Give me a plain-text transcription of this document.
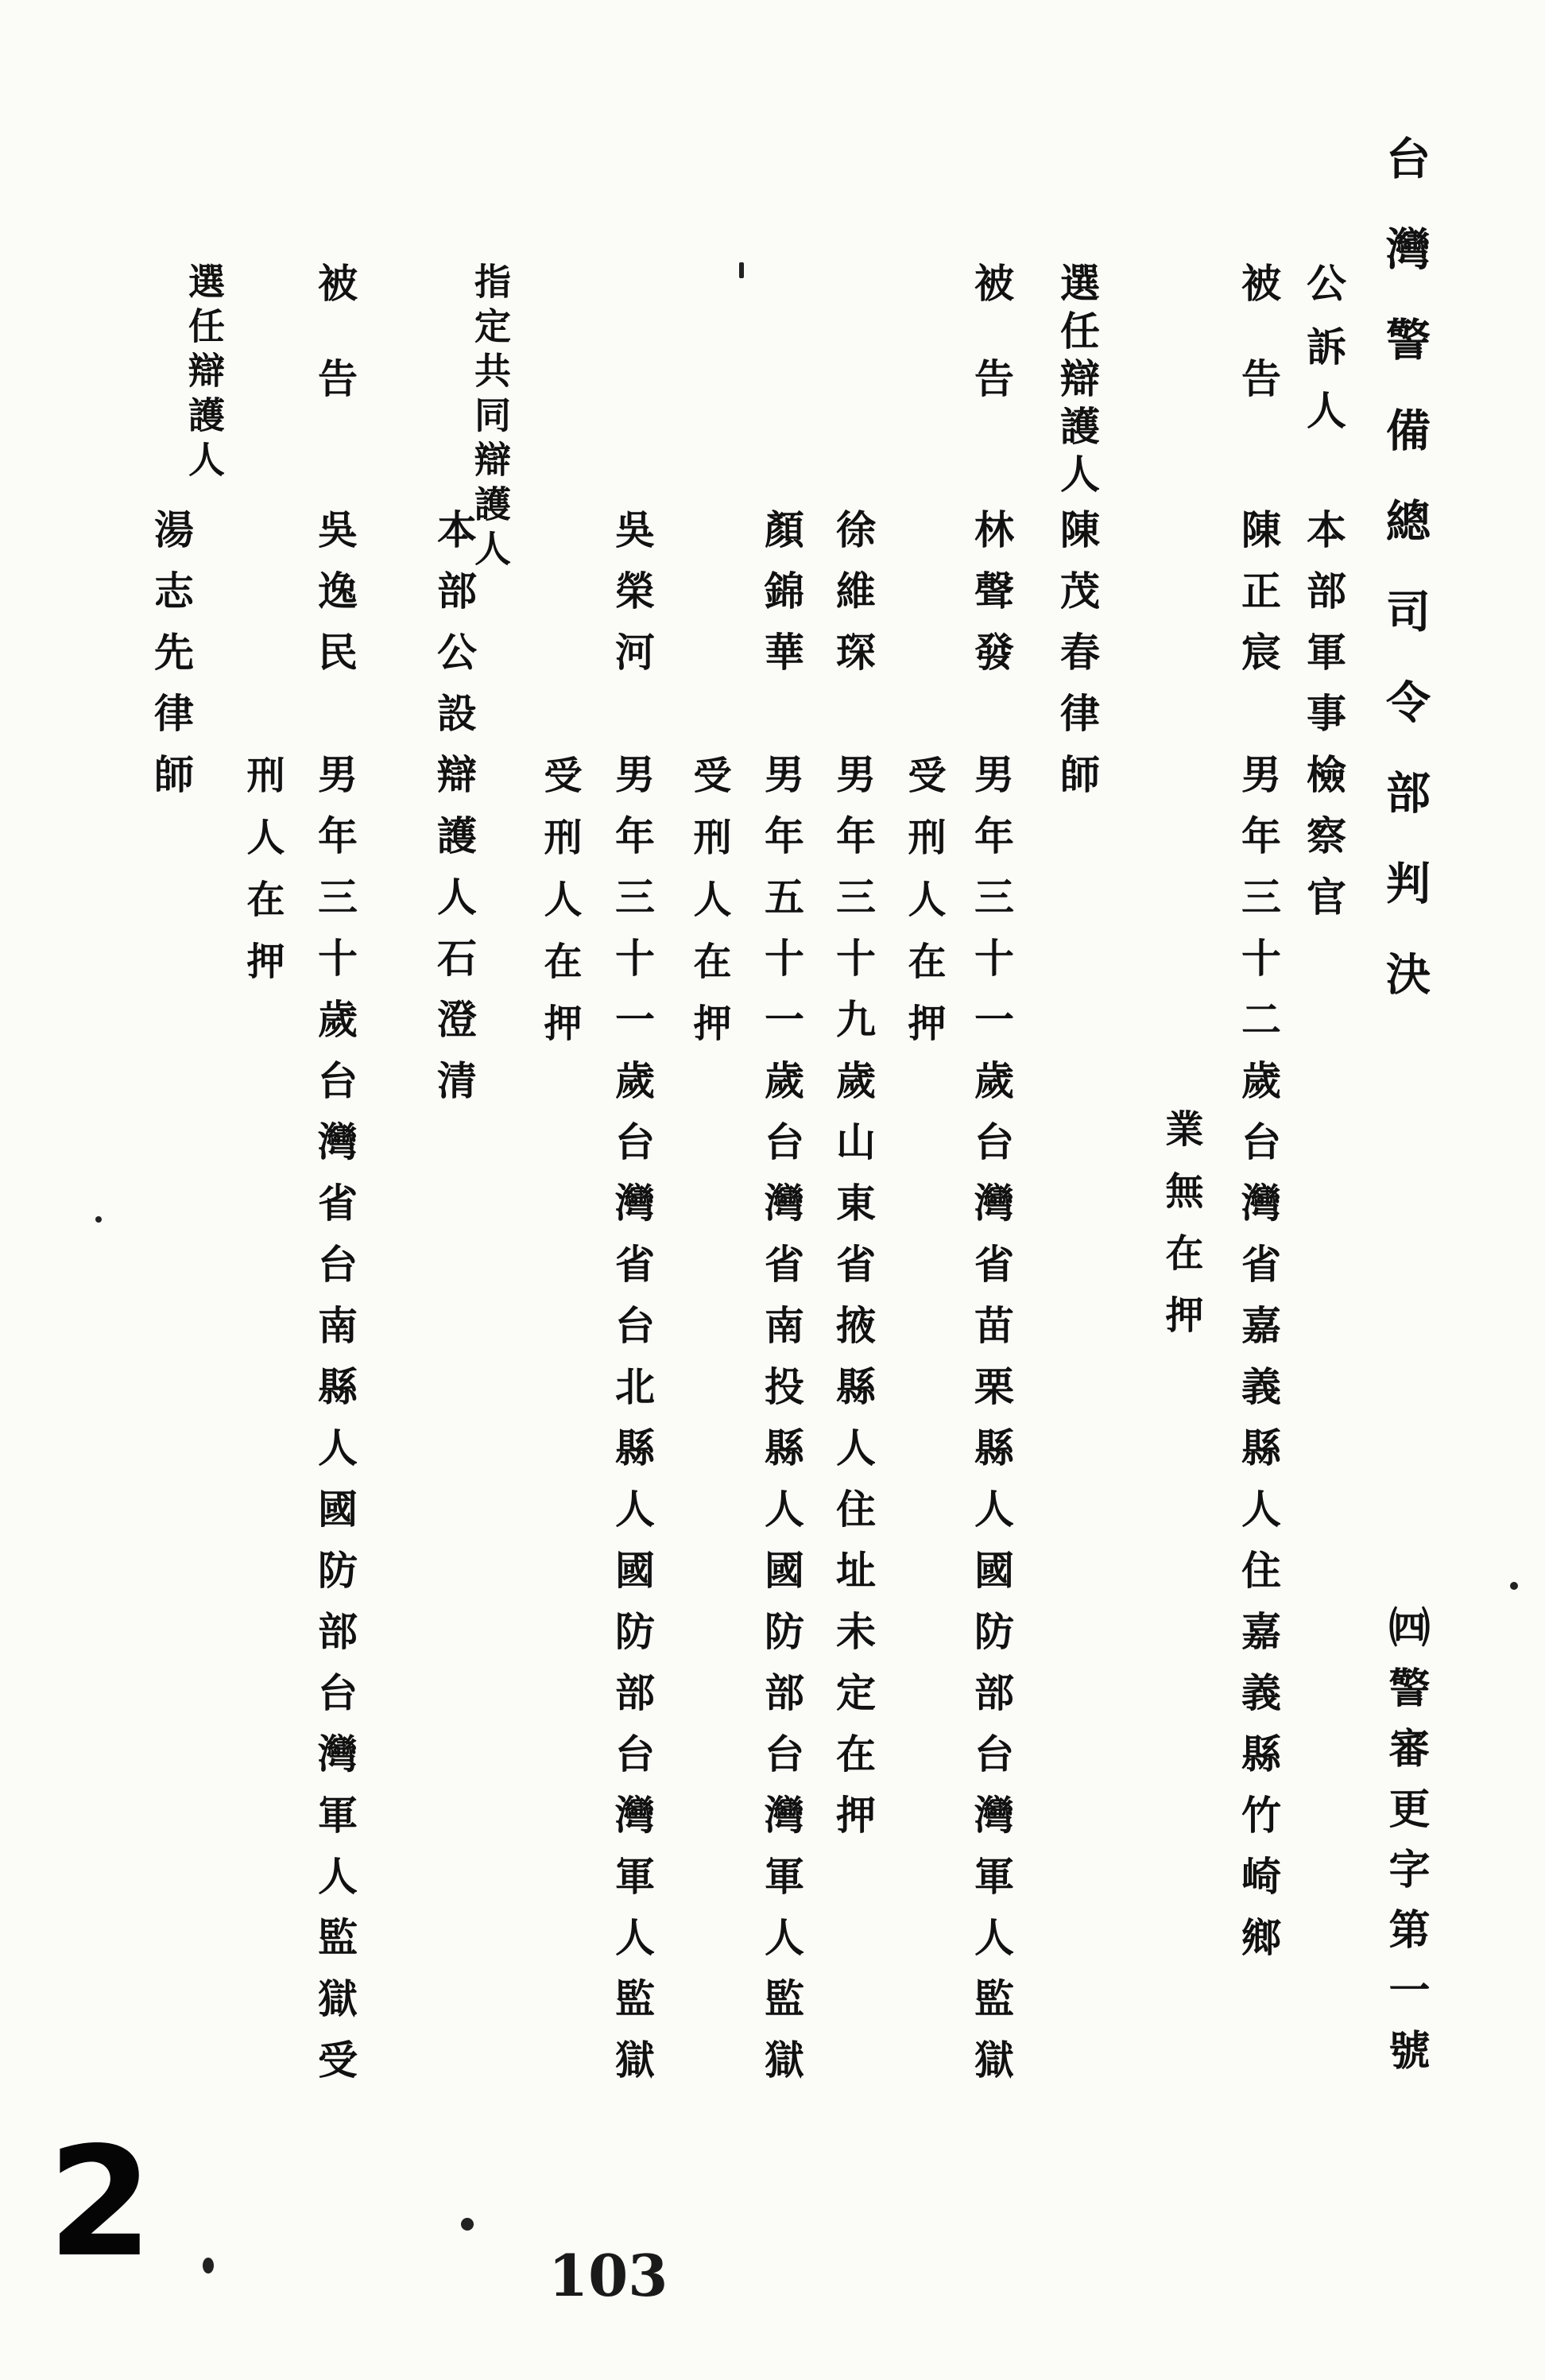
台灣警備總司令部判決
㈣警審更字第一號
公訴人
本部軍事檢察官
被告
陳正宸　男年三十二歲台灣省嘉義縣人住嘉義縣竹崎鄉
業無在押
選任辯護人
陳茂春律師
被告
林聲發　男年三十一歲台灣省苗栗縣人國防部台灣軍人監獄
受刑人在押
徐維琛　男年三十九歲山東省掖縣人住址未定在押
顏錦華　男年五十一歲台灣省南投縣人國防部台灣軍人監獄
受刑人在押
吳榮河　男年三十一歲台灣省台北縣人國防部台灣軍人監獄
受刑人在押
指定共同辯護人
本部公設辯護人石澄清
被告
吳逸民　男年三十歲台灣省台南縣人國防部台灣軍人監獄受
刑人在押
選任辯護人
湯志先律師
2	103
